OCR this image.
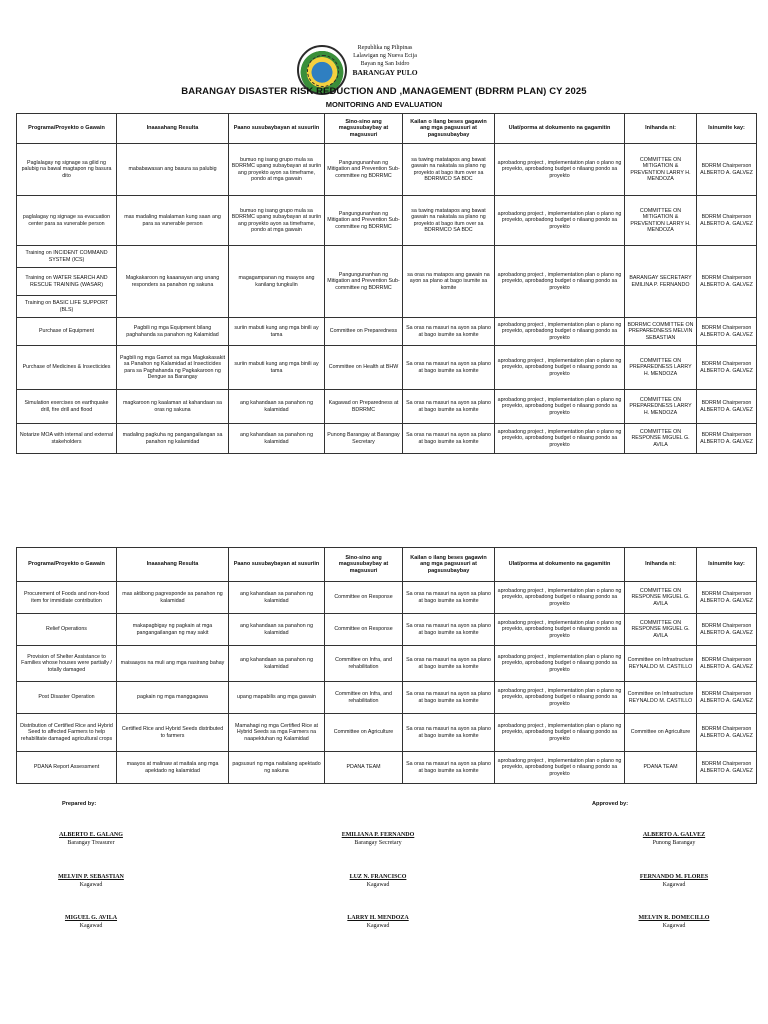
Republika ng Pilipinas
Lalawigan ng Nueva Ecija
Bayan ng San Isidro
BARANGAY PULO
BARANGAY DISASTER RISK REDUCTION AND ,MANAGEMENT (BDRRM PLAN) CY 2025
MONITORING AND EVALUATION
Programa/Proyekto o Gawain	Inaasahang Resulta	Paano susubaybayan at susuriin	Sino-sino ang magsusubaybay at magsusuri	Kailan o ilang beses gagawin ang mga pagsusuri at pagsusubaybay	Ulat/porma at dokumento na gagamitin	Inihanda ni:	Isinumite kay:
Paglalagay ng signage sa gilid ng palubig na bawal magtapon ng basura dito	mababawasan ang basura sa palubig	bumuo ng isang grupo mula sa BDRRMC upang subaybayan at suriin ang proyekto ayon sa timeframe, pondo at mga gawain	Pangungunanhan ng Mitigation and Prevention Sub- committee ng BDRRMC	sa tuwing matatapos ang bawat gawain na nakatala sa plano ng proyekto at bago itum over sa BDRRMCO SA BDC	aprobadong project , implementation plan o plano ng proyekto, aprobadong budget o nilaang pondo sa proyekto	COMMITTEE ON MITIGATION & PREVENTION LARRY H. MENDOZA	BDRRM Chairperson ALBERTO A. GALVEZ
paglalagay ng signage sa evacuation center para sa vunerable person	mas madaling malalaman kung saan ang para sa vunerable person	bumuo ng isang grupo mula sa BDRRMC upang subaybayan at suriin ang proyekto ayon sa timeframe, pondo at mga gawain	Pangungunanhan ng Mitigation and Prevention Sub- committee ng BDRRMC	sa tuwing matatapos ang bawat gawain na nakatala sa plano ng proyekto at bago itum over sa BDRRMCO SA BDC	aprobadong project , implementation plan o plano ng proyekto, aprobadong budget o nilaang pondo sa proyekto	COMMITTEE ON MITIGATION & PREVENTION LARRY H. MENDOZA	BDRRM Chairperson ALBERTO A. GALVEZ
Training on INCIDENT COMMAND SYSTEM (ICS)	Magkakaroon ng kaaanayan ang unang responders sa panahon ng sakuna	magagampanan ng maayos ang kanilang tungkulin	Pangungunanhan ng Mitigation and Prevention Sub- committee ng BDRRMC	sa oras na matapos ang gawain na ayon sa plano at bago isumite sa komite	aprobadong project , implementation plan o plano ng proyekto, aprobadong budget o nilaang pondo sa proyekto	BARANGAY SECRETARY EMILINA P. FERNANDO	BDRRM Chairperson ALBERTO A. GALVEZ
Training on WATER SEARCH AND RESCUE TRAINING (WASAR)							
Training on BASIC LIFE SUPPORT (BLS)							
Purchase of Equipment	Pagbili ng mga Equipment bilang paghahanda sa panahon ng Kalamidad	suriin mabuti kung ang mga binili ay tama	Committee on Preparedness	Sa oras na masuri na ayon sa plano at bago isumite sa komite	aprobadong project , implementation plan o plano ng proyekto, aprobadong budget o nilaang pondo sa proyekto	BDRRMC COMMITTEE ON PREPAREDNESS MELVIN SEBASTIAN	BDRRM Chairperson ALBERTO A. GALVEZ
Purchase of Medicines & Insecticides	Pagbili ng mga Gamot sa mga Magkakasakit sa Panahon ng Kalamidad at Insecticides para sa Paghahanda ng Pagkakaroon ng Dengue sa Barangay	suriin mabuti kung ang mga binili ay tama	Committee on Health at BHW	Sa oras na masuri na ayon sa plano at bago isumite sa komite	aprobadong project , implementation plan o plano ng proyekto, aprobadong budget o nilaang pondo sa proyekto	COMMITTEE ON PREPAREDNESS LARRY H. MENDOZA	BDRRM Chairperson ALBERTO A. GALVEZ
Simulation exercises on earthquake drill, fire drill and flood	magkaroon ng kaalaman at kahandaan sa oras ng sakuna	ang kahandaan sa panahon ng kalamidad	Kagawad on Preparedness at BDRRMC	Sa oras na masuri na ayon sa plano at bago isumite sa komite	aprobadong project , implementation plan o plano ng proyekto, aprobadong budget o nilaang pondo sa proyekto	COMMITTEE ON PREPAREDNESS LARRY H. MENDOZA	BDRRM Chairperson ALBERTO A. GALVEZ
Notarize MOA with internal and external stakeholders	madaling pagkuha ng pangangailangan sa panahon ng kalamidad	ang kahandaan sa panahon ng kalamidad	Punong Barangay at Barangay Secretary	Sa oras na masuri na ayon sa plano at bago isumite sa komite	aprobadong project , implementation plan o plano ng proyekto, aprobadong budget o nilaang pondo sa proyekto	COMMITTEE ON RESPONSE MIGUEL G. AVILA	BDRRM Chairperson ALBERTO A. GALVEZ
Programa/Proyekto o Gawain	Inaasahang Resulta	Paano susubaybayan at susuriin	Sino-sino ang magsusubaybay at magsusuri	Kailan o ilang beses gagawin ang mga pagsusuri at pagsusubaybay	Ulat/porma at dokumento na gagamitin	Inihanda ni:	Isinumite kay:
Procurement of Foods and non-food item for immidiate contribution	mas aktibong pagresponde sa panahon ng kalamidad	ang kahandaan sa panahon ng kalamidad	Committee on Response	Sa oras na masuri na ayon sa plano at bago isumite sa komite	aprobadong project , implementation plan o plano ng proyekto, aprobadong budget o nilaang pondo sa proyekto	COMMITTEE ON RESPONSE MIGUEL G. AVILA	BDRRM Chairperson ALBERTO A. GALVEZ
Relief Operations	makapagbigay ng pagkain at mga pangangailangan ng may sakit	ang kahandaan sa panahon ng kalamidad	Committee on Response	Sa oras na masuri na ayon sa plano at bago isumite sa komite	aprobadong project , implementation plan o plano ng proyekto, aprobadong budget o nilaang pondo sa proyekto	COMMITTEE ON RESPONSE MIGUEL G. AVILA	BDRRM Chairperson ALBERTO A. GALVEZ
Provision of Shelter Assistance to Families whose houses were partially / totally damaged	maisaayos na muli ang mga nasirang bahay	ang kahandaan sa panahon ng kalamidad	Committee on Infra, and rehabilitation	Sa oras na masuri na ayon sa plano at bago isumite sa komite	aprobadong project , implementation plan o plano ng proyekto, aprobadong budget o nilaang pondo sa proyekto	Committee on Infrastructure REYNALDO M. CASTILLO	BDRRM Chairperson ALBERTO A. GALVEZ
Post Disaster Operation	pagkain ng mga manggagawa	upang mapabilis ang mga gawain	Committee on Infra, and rehabilitation	Sa oras na masuri na ayon sa plano at bago isumite sa komite	aprobadong project , implementation plan o plano ng proyekto, aprobadong budget o nilaang pondo sa proyekto	Committee on Infrastructure REYNALDO M. CASTILLO	BDRRM Chairperson ALBERTO A. GALVEZ
Distribution of Certified Rice and Hybrid Seed to affected Farmers to help rehabilitate damaged agricultural crops	Certified Rice and Hybrid Seeds distributed to farmers	Mamahagi ng mga Certified Rice at Hybrid Seeds sa mga Farmers na naapektuhan ng Kalamidad	Committee on Agriculture	Sa oras na masuri na ayon sa plano at bago isumite sa komite	aprobadong project , implementation plan o plano ng proyekto, aprobadong budget o nilaang pondo sa proyekto	Committee on Agriculture	BDRRM Chairperson ALBERTO A. GALVEZ
PDANA Report Assessment	maayos at malinaw at maitala ang mga apektado ng kalamidad	pagsusuri ng mga naitalang apektado ng sakuna	PDANA TEAM	Sa oras na masuri na ayon sa plano at bago isumite sa komite	aprobadong project , implementation plan o plano ng proyekto, aprobadong budget o nilaang pondo sa proyekto	PDANA TEAM	BDRRM Chairperson ALBERTO A. GALVEZ
Prepared by:	Approved by:
ALBERTO E. GALANG
Barangay Treasurer
EMILIANA P. FERNANDO
Barangay Secretary
ALBERTO A. GALVEZ
Punong Barangay
MELVIN P. SEBASTIAN
Kagawad
LUZ N. FRANCISCO
Kagawad
FERNANDO M. FLORES
Kagawad
MIGUEL G. AVILA
Kagawad
LARRY H. MENDOZA
Kagawad
MELVIN R. DOMECILLO
Kagawad
